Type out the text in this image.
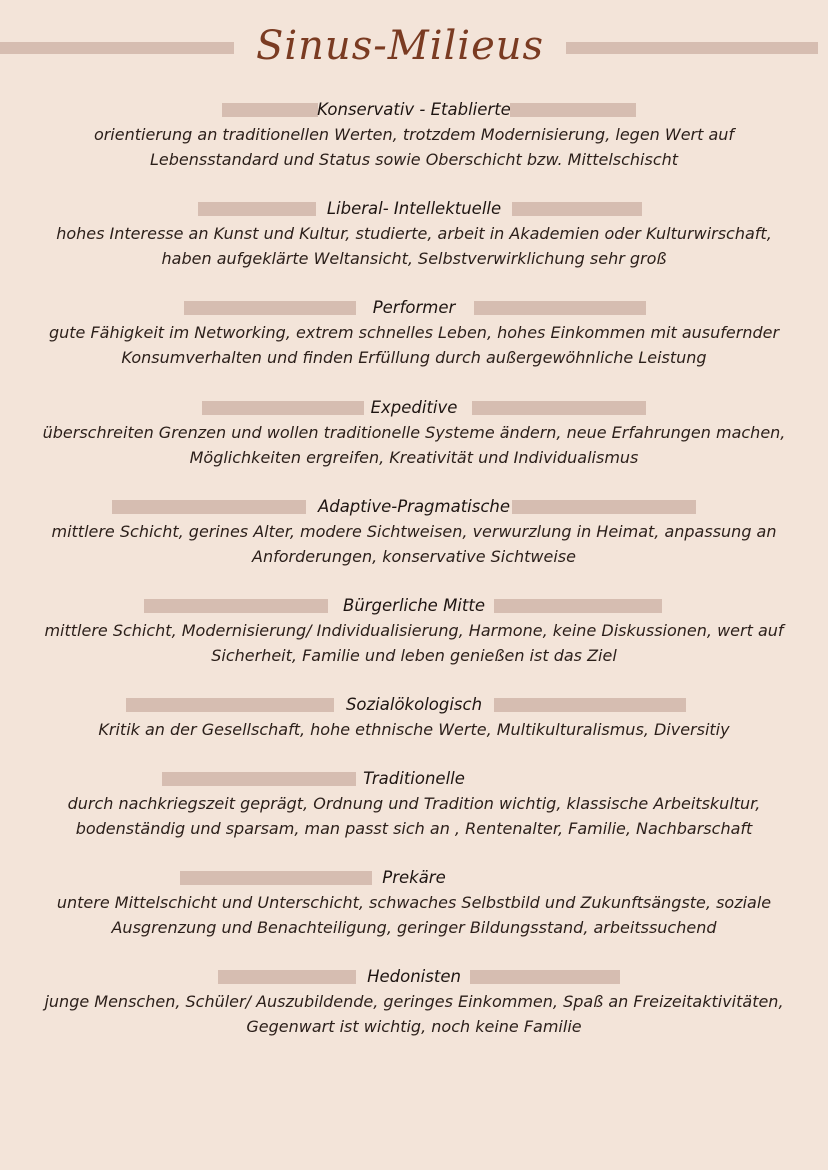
Sinus-Milieus
Konservativ - Etablierte

orientierung an traditionellen Werten, trotzdem Modernisierung, legen Wert auf

Lebensstandard und Status sowie Oberschicht bzw. Mittelschischt

Liberal- Intellektuelle

hohes Interesse an Kunst und Kultur, studierte, arbeit in Akademien oder Kulturwirschaft,

haben aufgeklärte Weltansicht, Selbstverwirklichung sehr groß

Performer

gute Fähigkeit im Networking, extrem schnelles Leben, hohes Einkommen mit ausufernder

Konsumverhalten und finden Erfüllung durch außergewöhnliche Leistung

Expeditive

überschreiten Grenzen und wollen traditionelle Systeme ändern, neue Erfahrungen machen,

Möglichkeiten ergreifen, Kreativität und Individualismus

Adaptive-Pragmatische

mittlere Schicht, gerines Alter, modere Sichtweisen, verwurzlung in Heimat, anpassung an

Anforderungen, konservative Sichtweise

Bürgerliche Mitte

mittlere Schicht, Modernisierung/ Individualisierung, Harmone, keine Diskussionen, wert auf

Sicherheit, Familie und leben genießen ist das Ziel

Sozialökologisch

Kritik an der Gesellschaft, hohe ethnische Werte, Multikulturalismus, Diversitiy

Traditionelle

durch nachkriegszeit geprägt, Ordnung und Tradition wichtig, klassische Arbeitskultur,

bodenständig und sparsam, man passt sich an , Rentenalter, Familie, Nachbarschaft

Prekäre

untere Mittelschicht und Unterschicht, schwaches Selbstbild und Zukunftsängste, soziale

Ausgrenzung und Benachteiligung, geringer Bildungsstand, arbeitssuchend

Hedonisten

junge Menschen, Schüler/ Auszubildende, geringes Einkommen, Spaß an Freizeitaktivitäten,

Gegenwart ist wichtig, noch keine Familie
